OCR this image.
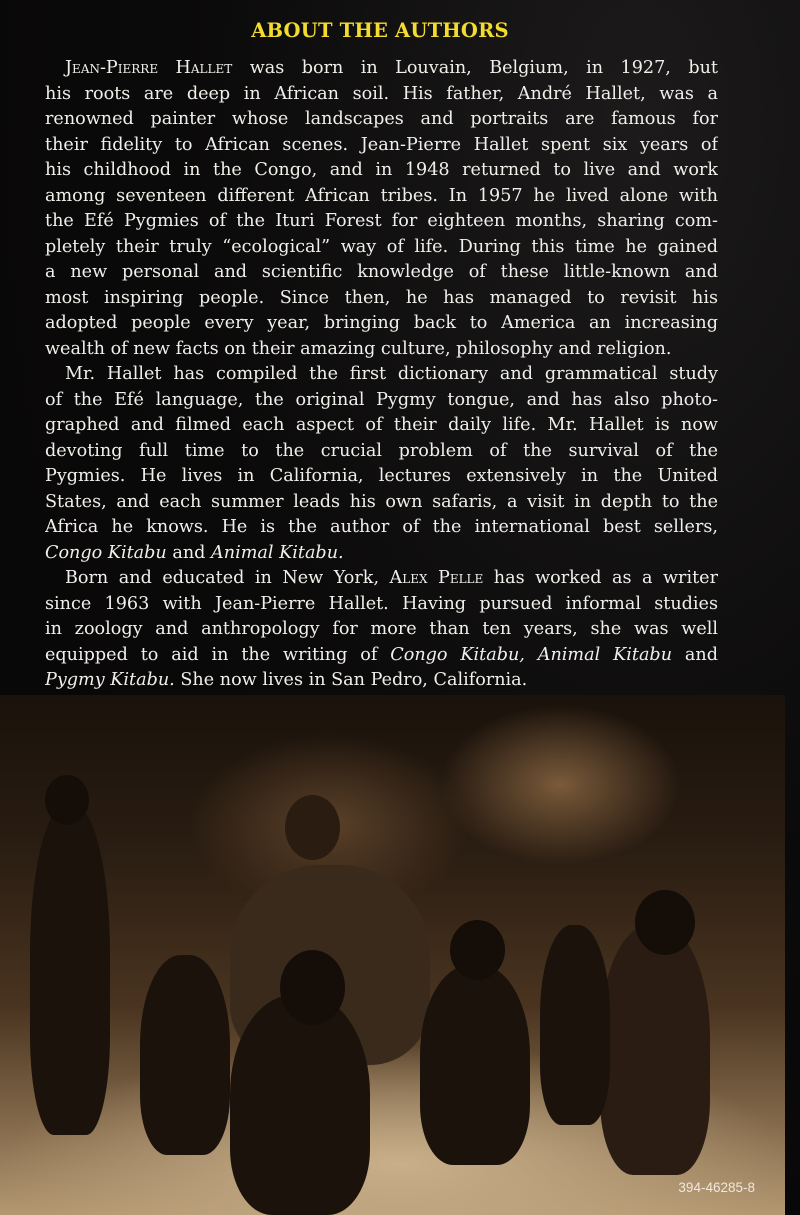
ABOUT THE AUTHORS
Jean-Pierre Hallet was born in Louvain, Belgium, in 1927, but
his roots are deep in African soil. His father, André Hallet, was a
renowned painter whose landscapes and portraits are famous for
their fidelity to African scenes. Jean-Pierre Hallet spent six years of
his childhood in the Congo, and in 1948 returned to live and work
among seventeen different African tribes. In 1957 he lived alone with
the Efé Pygmies of the Ituri Forest for eighteen months, sharing com-
pletely their truly “ecological” way of life. During this time he gained
a new personal and scientific knowledge of these little-known and
most inspiring people. Since then, he has managed to revisit his
adopted people every year, bringing back to America an increasing
wealth of new facts on their amazing culture, philosophy and religion.
Mr. Hallet has compiled the first dictionary and grammatical study
of the Efé language, the original Pygmy tongue, and has also photo-
graphed and filmed each aspect of their daily life. Mr. Hallet is now
devoting full time to the crucial problem of the survival of the
Pygmies. He lives in California, lectures extensively in the United
States, and each summer leads his own safaris, a visit in depth to the
Africa he knows. He is the author of the international best sellers,
Congo Kitabu and Animal Kitabu.
Born and educated in New York, Alex Pelle has worked as a writer
since 1963 with Jean-Pierre Hallet. Having pursued informal studies
in zoology and anthropology for more than ten years, she was well
equipped to aid in the writing of Congo Kitabu, Animal Kitabu and
Pygmy Kitabu. She now lives in San Pedro, California.
394-46285-8
